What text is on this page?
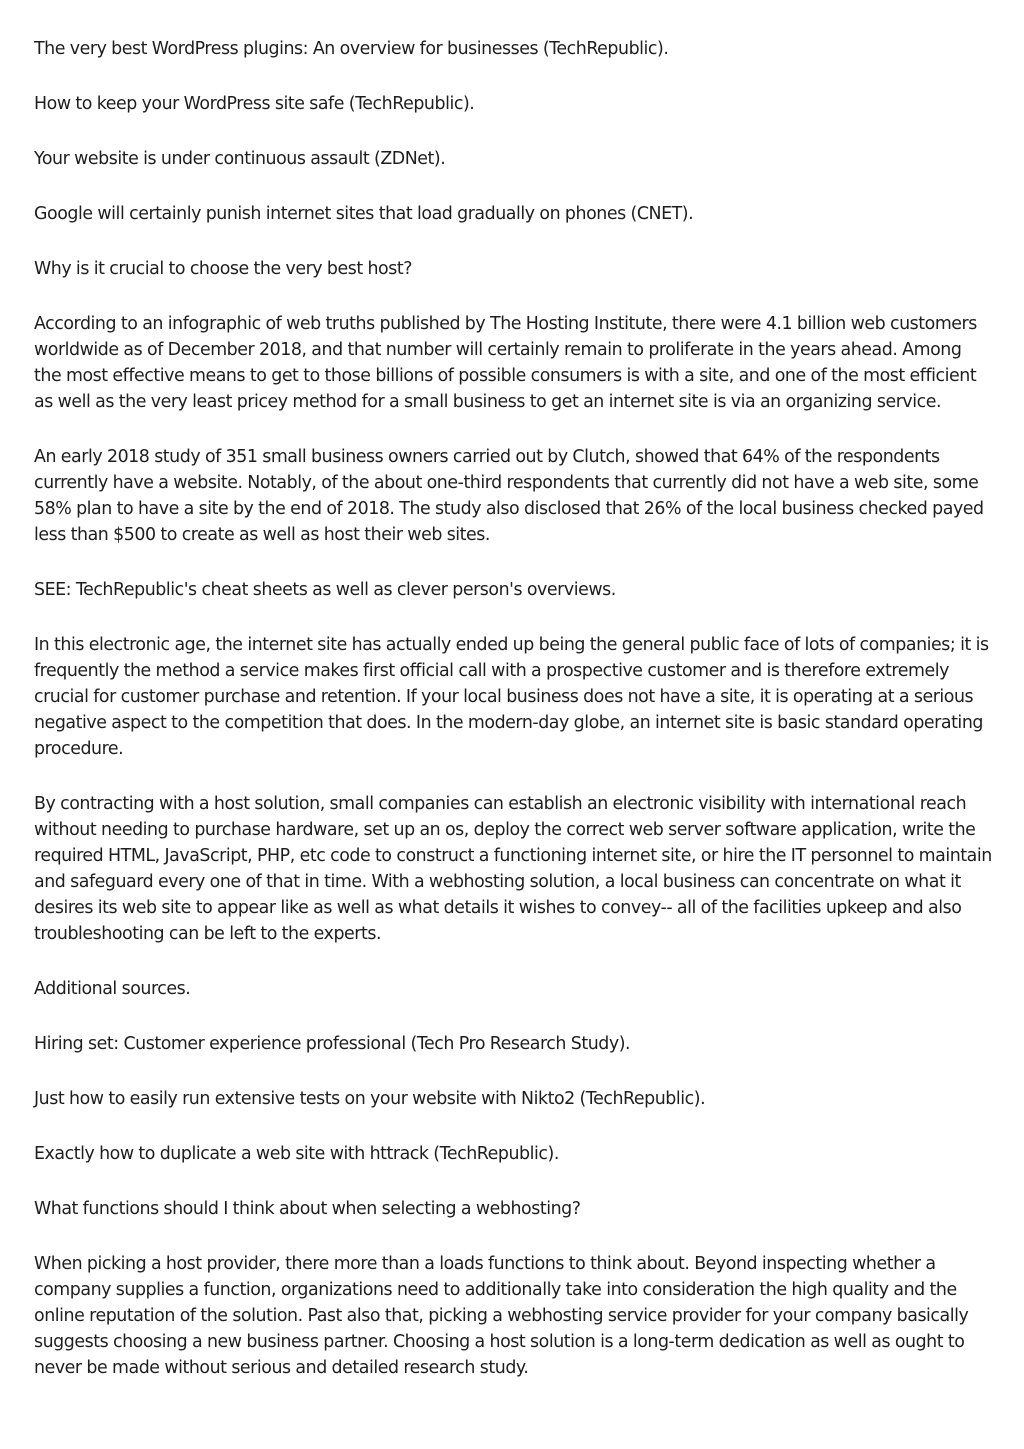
The very best WordPress plugins: An overview for businesses (TechRepublic).

How to keep your WordPress site safe (TechRepublic).

Your website is under continuous assault (ZDNet).

Google will certainly punish internet sites that load gradually on phones (CNET).

Why is it crucial to choose the very best host?

According to an infographic of web truths published by The Hosting Institute, there were 4.1 billion web customers worldwide as of December 2018, and that number will certainly remain to proliferate in the years ahead. Among the most effective means to get to those billions of possible consumers is with a site, and one of the most efficient as well as the very least pricey method for a small business to get an internet site is via an organizing service.

An early 2018 study of 351 small business owners carried out by Clutch, showed that 64% of the respondents currently have a website. Notably, of the about one-third respondents that currently did not have a web site, some 58% plan to have a site by the end of 2018. The study also disclosed that 26% of the local business checked payed less than $500 to create as well as host their web sites.

SEE: TechRepublic's cheat sheets as well as clever person's overviews.

In this electronic age, the internet site has actually ended up being the general public face of lots of companies; it is frequently the method a service makes first official call with a prospective customer and is therefore extremely crucial for customer purchase and retention. If your local business does not have a site, it is operating at a serious negative aspect to the competition that does. In the modern-day globe, an internet site is basic standard operating procedure.

By contracting with a host solution, small companies can establish an electronic visibility with international reach without needing to purchase hardware, set up an os, deploy the correct web server software application, write the required HTML, JavaScript, PHP, etc code to construct a functioning internet site, or hire the IT personnel to maintain and safeguard every one of that in time. With a webhosting solution, a local business can concentrate on what it desires its web site to appear like as well as what details it wishes to convey-- all of the facilities upkeep and also troubleshooting can be left to the experts.

Additional sources.

Hiring set: Customer experience professional (Tech Pro Research Study).

Just how to easily run extensive tests on your website with Nikto2 (TechRepublic).

Exactly how to duplicate a web site with httrack (TechRepublic).

What functions should I think about when selecting a webhosting?

When picking a host provider, there more than a loads functions to think about. Beyond inspecting whether a company supplies a function, organizations need to additionally take into consideration the high quality and the online reputation of the solution. Past also that, picking a webhosting service provider for your company basically suggests choosing a new business partner. Choosing a host solution is a long-term dedication as well as ought to never be made without serious and detailed research study.
